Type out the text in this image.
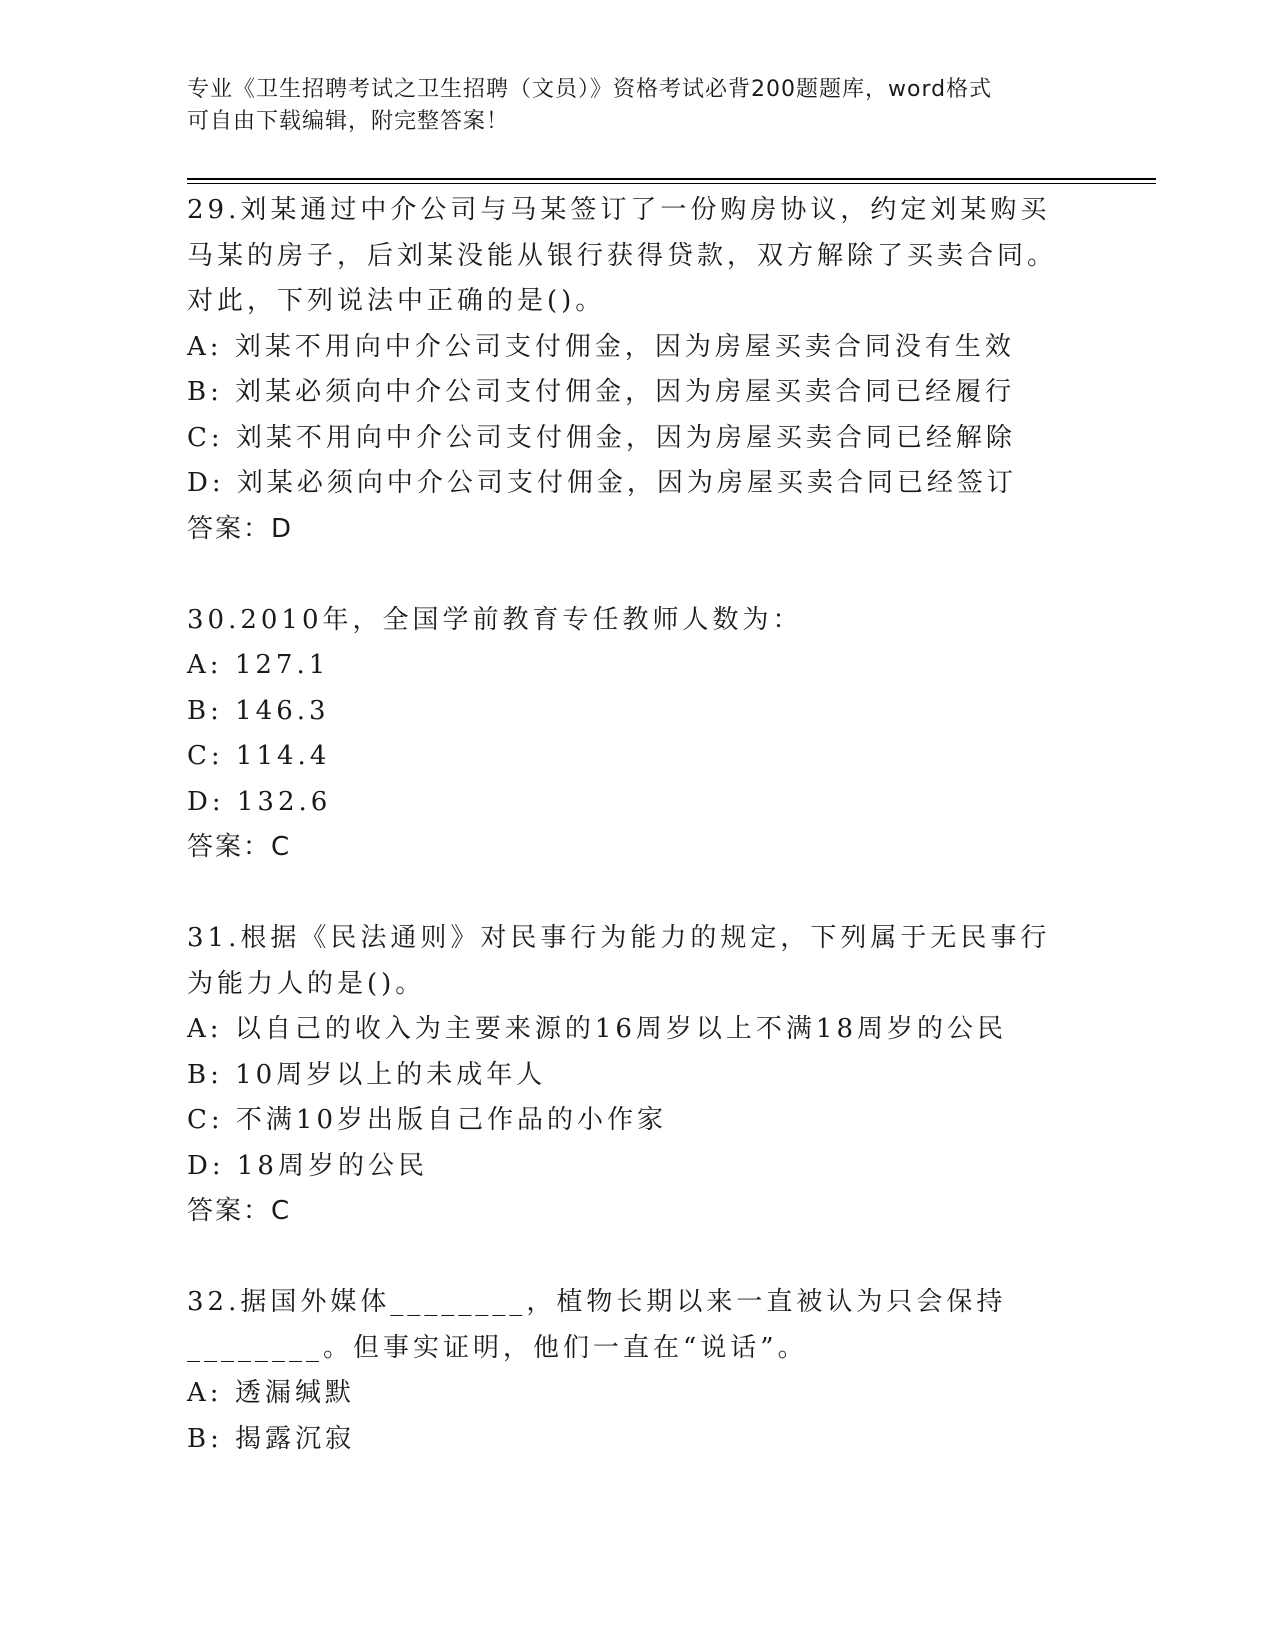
专业《卫生招聘考试之卫生招聘（文员）》资格考试必背200题题库，word格式
可自由下载编辑，附完整答案！
29.刘某通过中介公司与马某签订了一份购房协议，约定刘某购买马某的房子，后刘某没能从银行获得贷款，双方解除了买卖合同。对此，下列说法中正确的是()。
A: 刘某不用向中介公司支付佣金，因为房屋买卖合同没有生效
B: 刘某必须向中介公司支付佣金，因为房屋买卖合同已经履行
C: 刘某不用向中介公司支付佣金，因为房屋买卖合同已经解除
D: 刘某必须向中介公司支付佣金，因为房屋买卖合同已经签订
答案：D
30.2010年，全国学前教育专任教师人数为：
A: 127.1
B: 146.3
C: 114.4
D: 132.6
答案：C
31.根据《民法通则》对民事行为能力的规定，下列属于无民事行为能力人的是()。
A: 以自己的收入为主要来源的16周岁以上不满18周岁的公民
B: 10周岁以上的未成年人
C: 不满10岁出版自己作品的小作家
D: 18周岁的公民
答案：C
32.据国外媒体________，植物长期以来一直被认为只会保持________。但事实证明，他们一直在“说话”。
A: 透漏缄默
B: 揭露沉寂
